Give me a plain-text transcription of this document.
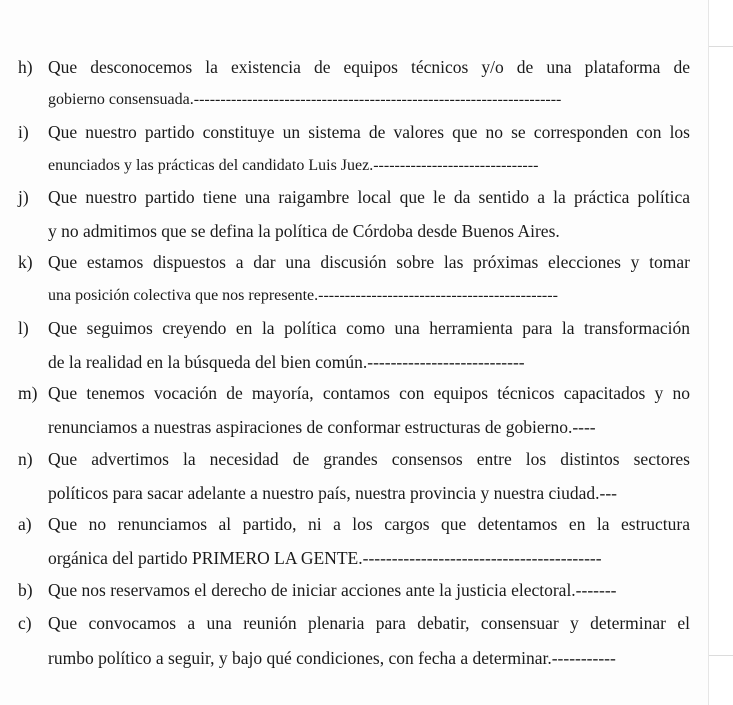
h) Que desconocemos la existencia de equipos técnicos y/o de una plataforma de
gobierno consensuada.---------------------------------------------------------------------
i) Que nuestro partido constituye un sistema de valores que no se corresponden con los
enunciados y las prácticas del candidato Luis Juez.-------------------------------
j) Que nuestro partido tiene una raigambre local que le da sentido a la práctica política
y no admitimos que se defina la política de Córdoba desde Buenos Aires.
k) Que estamos dispuestos a dar una discusión sobre las próximas elecciones y tomar
una posición colectiva que nos represente.---------------------------------------------
l) Que seguimos creyendo en la política como una herramienta para la transformación
de la realidad en la búsqueda del bien común.---------------------------
m) Que tenemos vocación de mayoría, contamos con equipos técnicos capacitados y no
renunciamos a nuestras aspiraciones de conformar estructuras de gobierno.----
n) Que advertimos la necesidad de grandes consensos entre los distintos sectores
políticos para sacar adelante a nuestro país, nuestra provincia y nuestra ciudad.---
a) Que no renunciamos al partido, ni a los cargos que detentamos en la estructura
orgánica del partido PRIMERO LA GENTE.-----------------------------------------
b) Que nos reservamos el derecho de iniciar acciones ante la justicia electoral.-------
c) Que convocamos a una reunión plenaria para debatir, consensuar y determinar el
rumbo político a seguir, y bajo qué condiciones, con fecha a determinar.-----------
